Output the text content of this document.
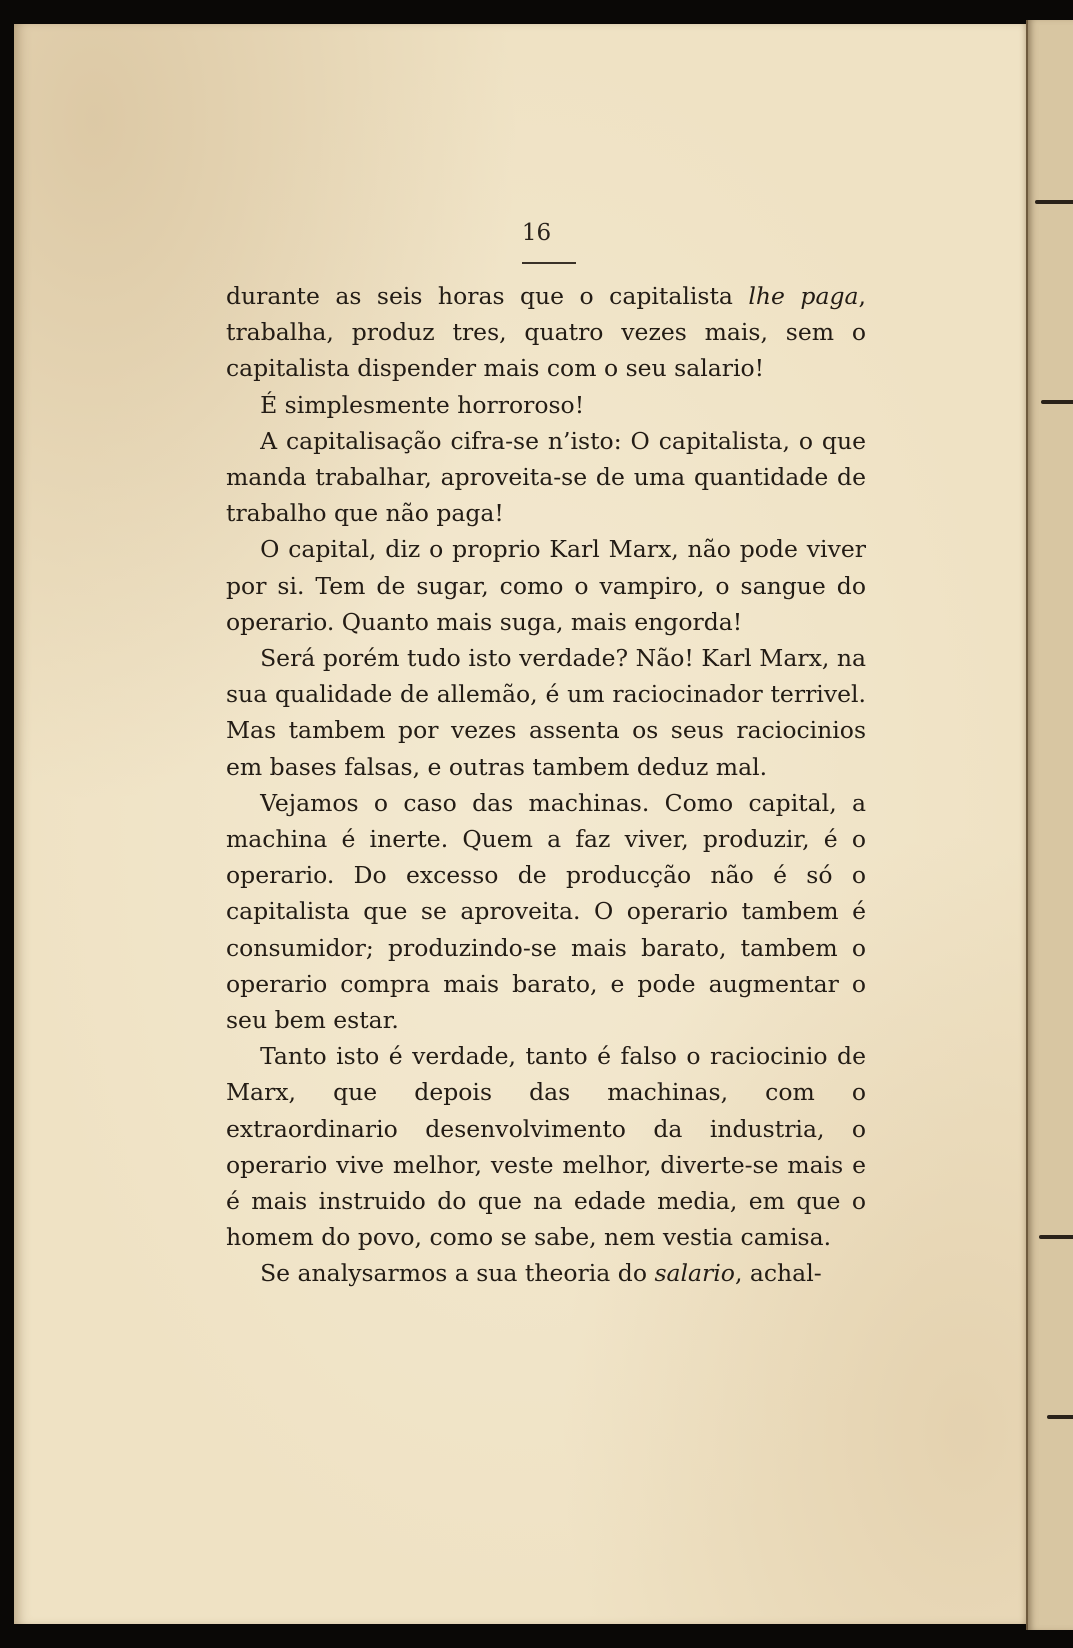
16

durante as seis horas que o capitalista lhe paga, trabalha, produz tres, quatro vezes mais, sem o capitalista dispender mais com o seu salario!

É simplesmente horroroso!

A capitalisação cifra-se n’isto: O capitalista, o que manda trabalhar, aproveita-se de uma quantidade de trabalho que não paga!

O capital, diz o proprio Karl Marx, não pode viver por si. Tem de sugar, como o vampiro, o sangue do operario. Quanto mais suga, mais engorda!

Será porém tudo isto verdade? Não! Karl Marx, na sua qualidade de allemão, é um raciocinador terrivel. Mas tambem por vezes assenta os seus raciocinios em bases falsas, e outras tambem deduz mal.

Vejamos o caso das machinas. Como capital, a machina é inerte. Quem a faz viver, produzir, é o operario. Do excesso de producção não é só o capitalista que se aproveita. O operario tambem é consumidor; produzindo-se mais barato, tambem o operario compra mais barato, e pode augmentar o seu bem estar.

Tanto isto é verdade, tanto é falso o raciocinio de Marx, que depois das machinas, com o extraordinario desenvolvimento da industria, o operario vive melhor, veste melhor, diverte-se mais e é mais instruido do que na edade media, em que o homem do povo, como se sabe, nem vestia camisa.

Se analysarmos a sua theoria do salario, achal-
